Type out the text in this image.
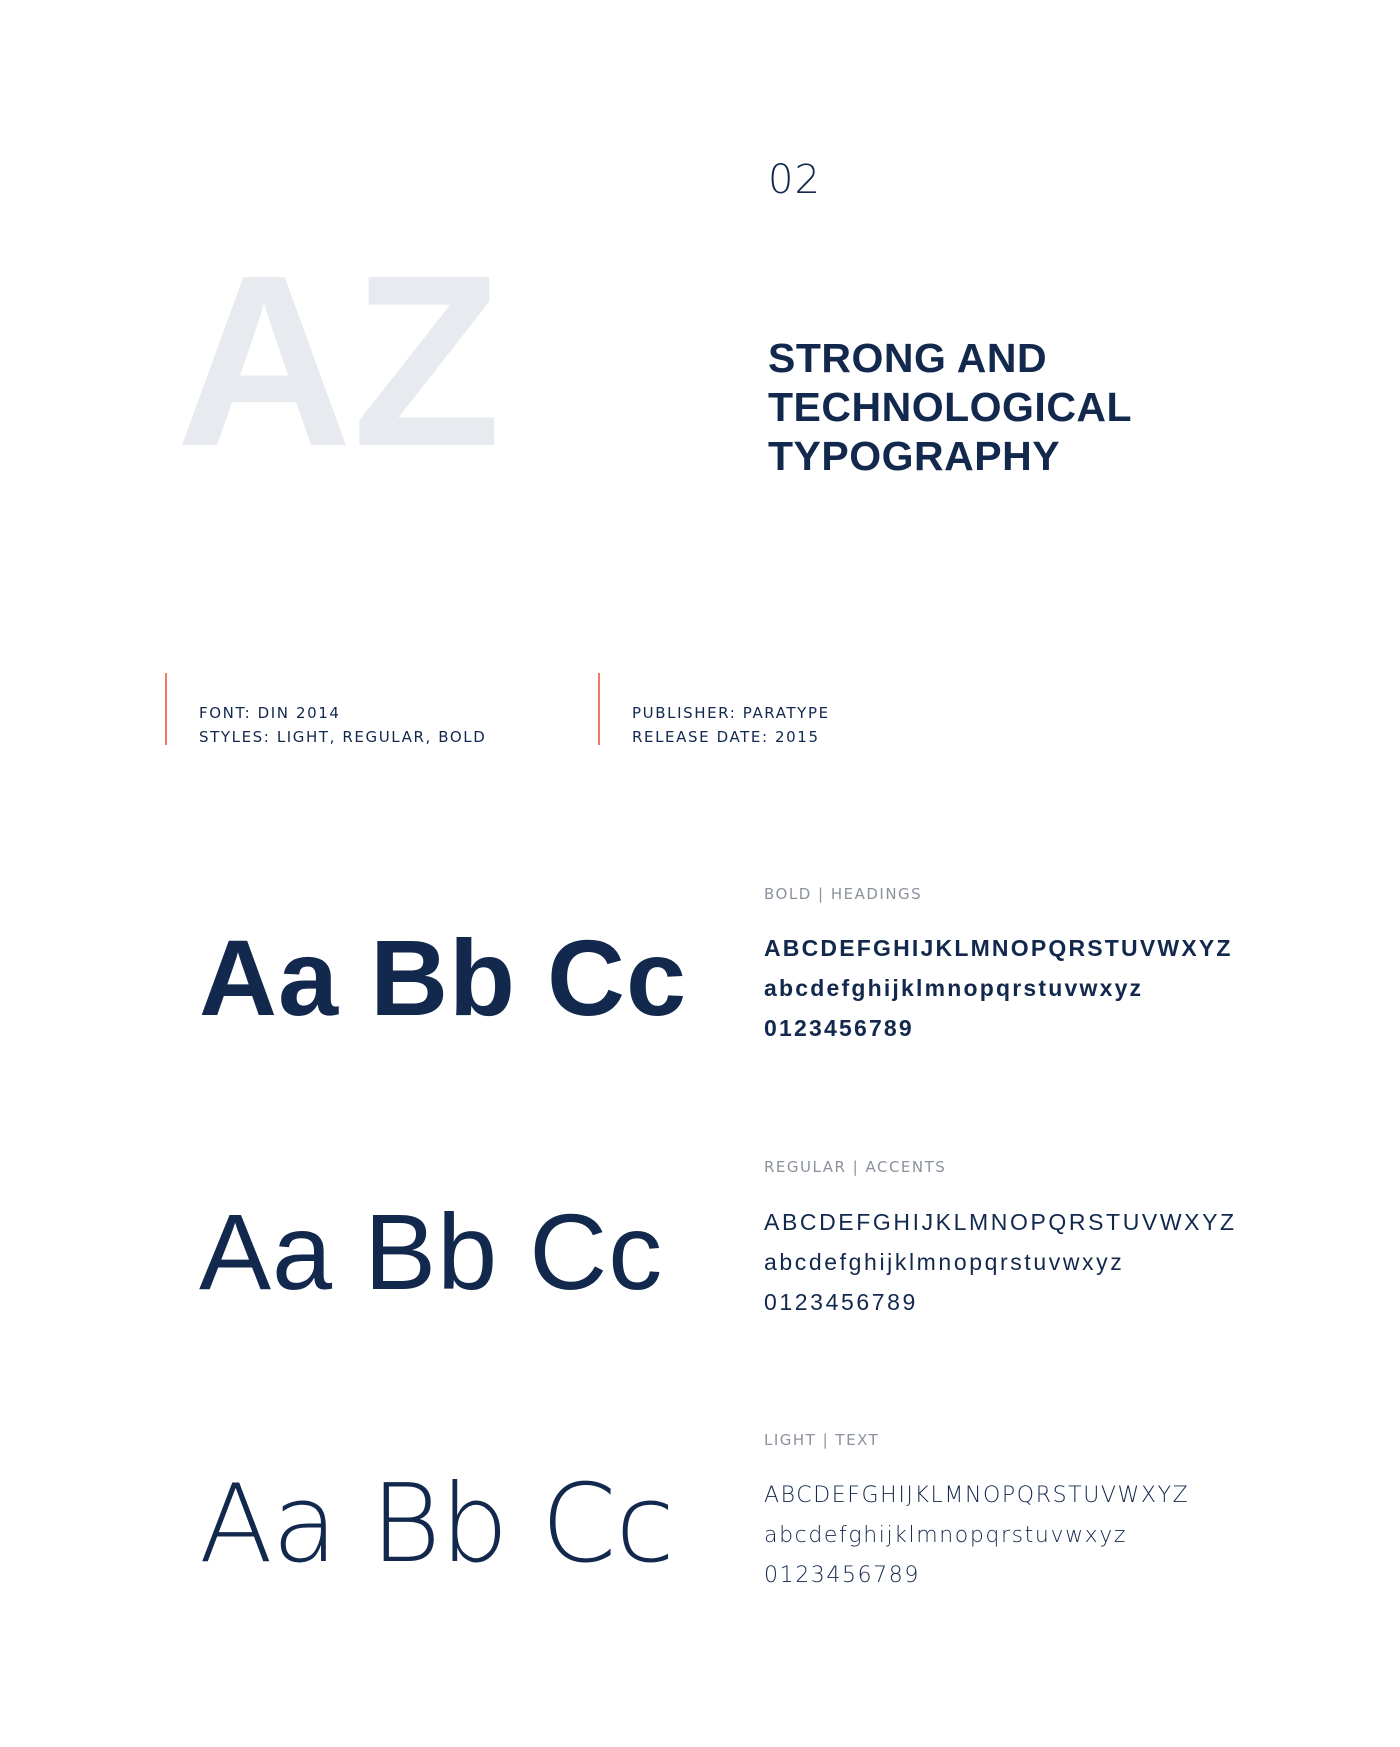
02
AZ	STRONG AND
TECHNOLOGICAL
TYPOGRAPHY
FONT: DIN 2014
STYLES: LIGHT, REGULAR, BOLD
PUBLISHER: PARATYPE
RELEASE DATE: 2015
Aa Bb Cc
BOLD | HEADINGS
ABCDEFGHIJKLMNOPQRSTUVWXYZ
abcdefghijklmnopqrstuvwxyz
0123456789
Aa Bb Cc
REGULAR | ACCENTS
ABCDEFGHIJKLMNOPQRSTUVWXYZ
abcdefghijklmnopqrstuvwxyz
0123456789
Aa Bb Cc
LIGHT | TEXT
ABCDEFGHIJKLMNOPQRSTUVWXYZ
abcdefghijklmnopqrstuvwxyz
0123456789
